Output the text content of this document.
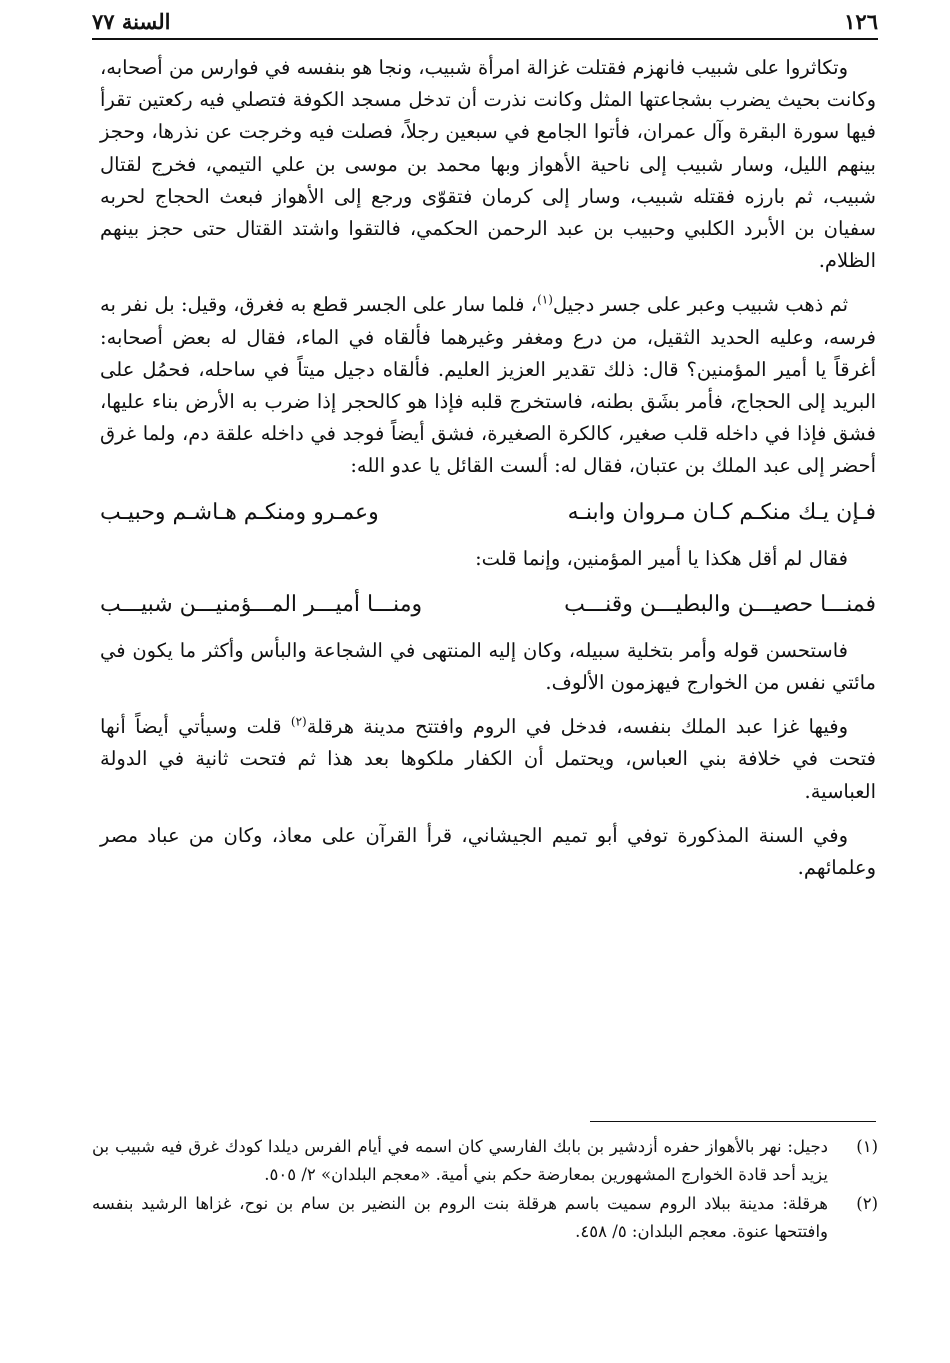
١٢٦
السنة ٧٧

وتكاثروا على شبيب فانهزم فقتلت غزالة امرأة شبيب، ونجا هو بنفسه في فوارس من أصحابه، وكانت بحيث يضرب بشجاعتها المثل وكانت نذرت أن تدخل مسجد الكوفة فتصلي فيه ركعتين تقرأ فيها سورة البقرة وآل عمران، فأتوا الجامع في سبعين رجلاً، فصلت فيه وخرجت عن نذرها، وحجز بينهم الليل، وسار شبيب إلى ناحية الأهواز وبها محمد بن موسى بن علي التيمي، فخرج لقتال شبيب، ثم بارزه فقتله شبيب، وسار إلى كرمان فتقوّى ورجع إلى الأهواز فبعث الحجاج لحربه سفيان بن الأبرد الكلبي وحبيب بن عبد الرحمن الحكمي، فالتقوا واشتد القتال حتى حجز بينهم الظلام.

ثم ذهب شبيب وعبر على جسر دجيل$^{(١)}$، فلما سار على الجسر قطع به فغرق، وقيل: بل نفر به فرسه، وعليه الحديد الثقيل، من درع ومغفر وغيرهما فألقاه في الماء، فقال له بعض أصحابه: أغرقاً يا أمير المؤمنين؟ قال: ذلك تقدير العزيز العليم. فألقاه دجيل ميتاً في ساحله، فحمُل على البريد إلى الحجاج، فأمر بشَق بطنه، فاستخرج قلبه فإذا هو كالحجر إذا ضرب به الأرض بناء عليها، فشق فإذا في داخله قلب صغير، كالكرة الصغيرة، فشق أيضاً فوجد في داخله علقة دم، ولما غرق أحضر إلى عبد الملك بن عتبان، فقال له: ألست القائل يا عدو الله:

فـإن يـك منكـم كـان مـروان وابنـه
وعمـرو ومنكـم هـاشـم وحبيـب

فقال لم أقل هكذا يا أمير المؤمنين، وإنما قلت:

فمنـــا حصيـــن والبطيـــن وقنـــب
ومنـــا أميـــر المـــؤمنيـــن شبيـــب

فاستحسن قوله وأمر بتخلية سبيله، وكان إليه المنتهى في الشجاعة والبأس وأكثر ما يكون في مائتي نفس من الخوارج فيهزمون الألوف.

وفيها غزا عبد الملك بنفسه، فدخل في الروم وافتتح مدينة هرقلة$^{(٢)}$ قلت وسيأتي أيضاً أنها فتحت في خلافة بني العباس، ويحتمل أن الكفار ملكوها بعد هذا ثم فتحت ثانية في الدولة العباسية.

وفي السنة المذكورة توفي أبو تميم الجيشاني، قرأ القرآن على معاذ، وكان من عباد مصر وعلمائهم.

(١)
دجيل: نهر بالأهواز حفره أزدشير بن بابك الفارسي كان اسمه في أيام الفرس ديلدا كودك غرق فيه شبيب بن يزيد أحد قادة الخوارج المشهورين بمعارضة حكم بني أمية. «معجم البلدان» ٢/ ٥٠٥.
(٢)
هرقلة: مدينة ببلاد الروم سميت باسم هرقلة بنت الروم بن النضير بن سام بن نوح، غزاها الرشيد بنفسه وافتتحها عنوة. معجم البلدان: ٥/ ٤٥٨.
